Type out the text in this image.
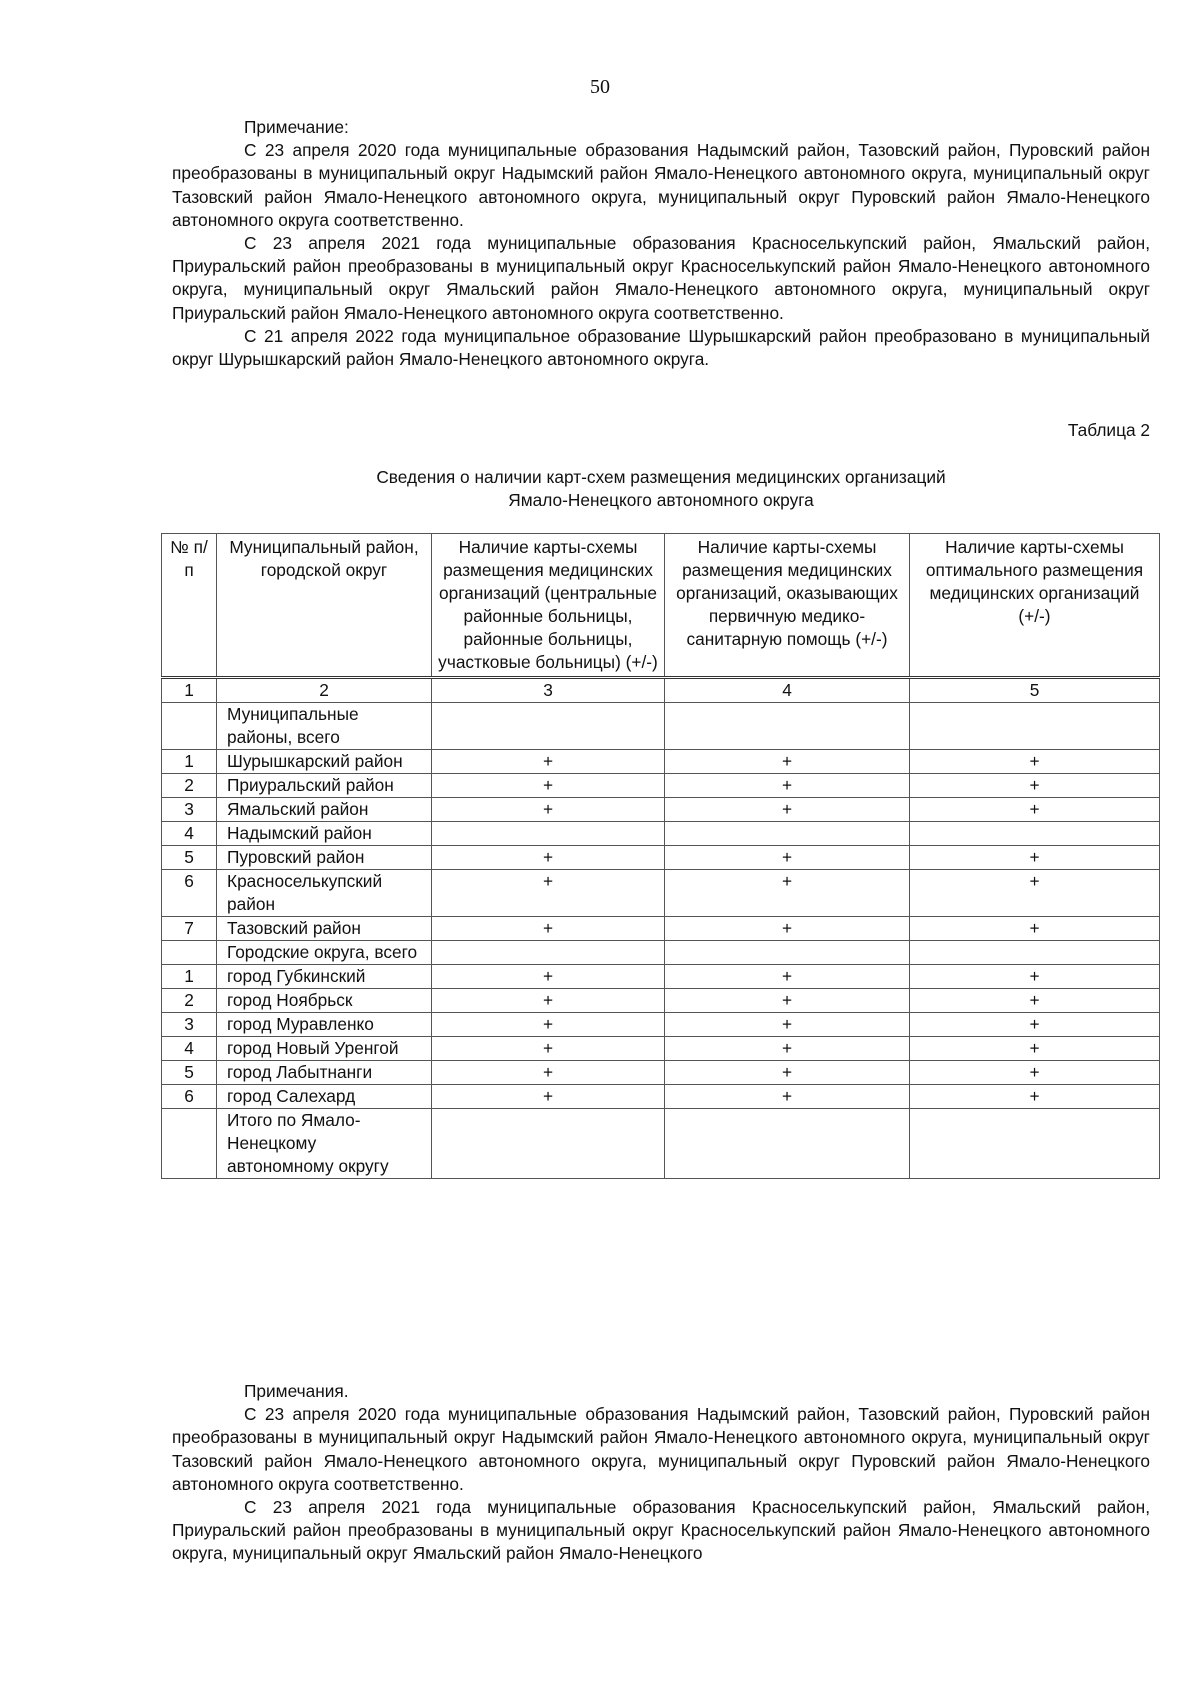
50

Примечание:

С 23 апреля 2020 года муниципальные образования Надымский район, Тазовский район, Пуровский район преобразованы в муниципальный округ Надымский район Ямало-Ненецкого автономного округа, муниципальный округ Тазовский район Ямало-Ненецкого автономного округа, муниципальный округ Пуровский район Ямало-Ненецкого автономного округа соответственно.

С 23 апреля 2021 года муниципальные образования Красноселькупский район, Ямальский район, Приуральский район преобразованы в муниципальный округ Красноселькупский район Ямало-Ненецкого автономного округа, муниципальный округ Ямальский район Ямало-Ненецкого автономного округа, муниципальный округ Приуральский район Ямало-Ненецкого автономного округа соответственно.

С 21 апреля 2022 года муниципальное образование Шурышкарский район преобразовано в муниципальный округ Шурышкарский район Ямало-Ненецкого автономного округа.

Таблица 2
Сведения о наличии карт-схем размещения медицинских организаций
Ямало-Ненецкого автономного округа
№ п/п	Муниципальный район, городской округ	Наличие карты-схемы размещения медицинских организаций (центральные районные больницы, районные больницы, участковые больницы) (+/-)	Наличие карты-схемы размещения медицинских организаций, оказывающих первичную медико-санитарную помощь (+/-)	Наличие карты-схемы оптимального размещения медицинских организаций (+/-)
1	2	3	4	5
	Муниципальные районы, всего			
1	Шурышкарский район	+	+	+
2	Приуральский район	+	+	+
3	Ямальский район	+	+	+
4	Надымский район			
5	Пуровский район	+	+	+
6	Красноселькупский район	+	+	+
7	Тазовский район	+	+	+
	Городские округа, всего			
1	город Губкинский	+	+	+
2	город Ноябрьск	+	+	+
3	город Муравленко	+	+	+
4	город Новый Уренгой	+	+	+
5	город Лабытнанги	+	+	+
6	город Салехард	+	+	+
	Итого по Ямало-Ненецкому автономному округу			

Примечания.

С 23 апреля 2020 года муниципальные образования Надымский район, Тазовский район, Пуровский район преобразованы в муниципальный округ Надымский район Ямало-Ненецкого автономного округа, муниципальный округ Тазовский район Ямало-Ненецкого автономного округа, муниципальный округ Пуровский район Ямало-Ненецкого автономного округа соответственно.

С 23 апреля 2021 года муниципальные образования Красноселькупский район, Ямальский район, Приуральский район преобразованы в муниципальный округ Красноселькупский район Ямало-Ненецкого автономного округа, муниципальный округ Ямальский район Ямало-Ненецкого
